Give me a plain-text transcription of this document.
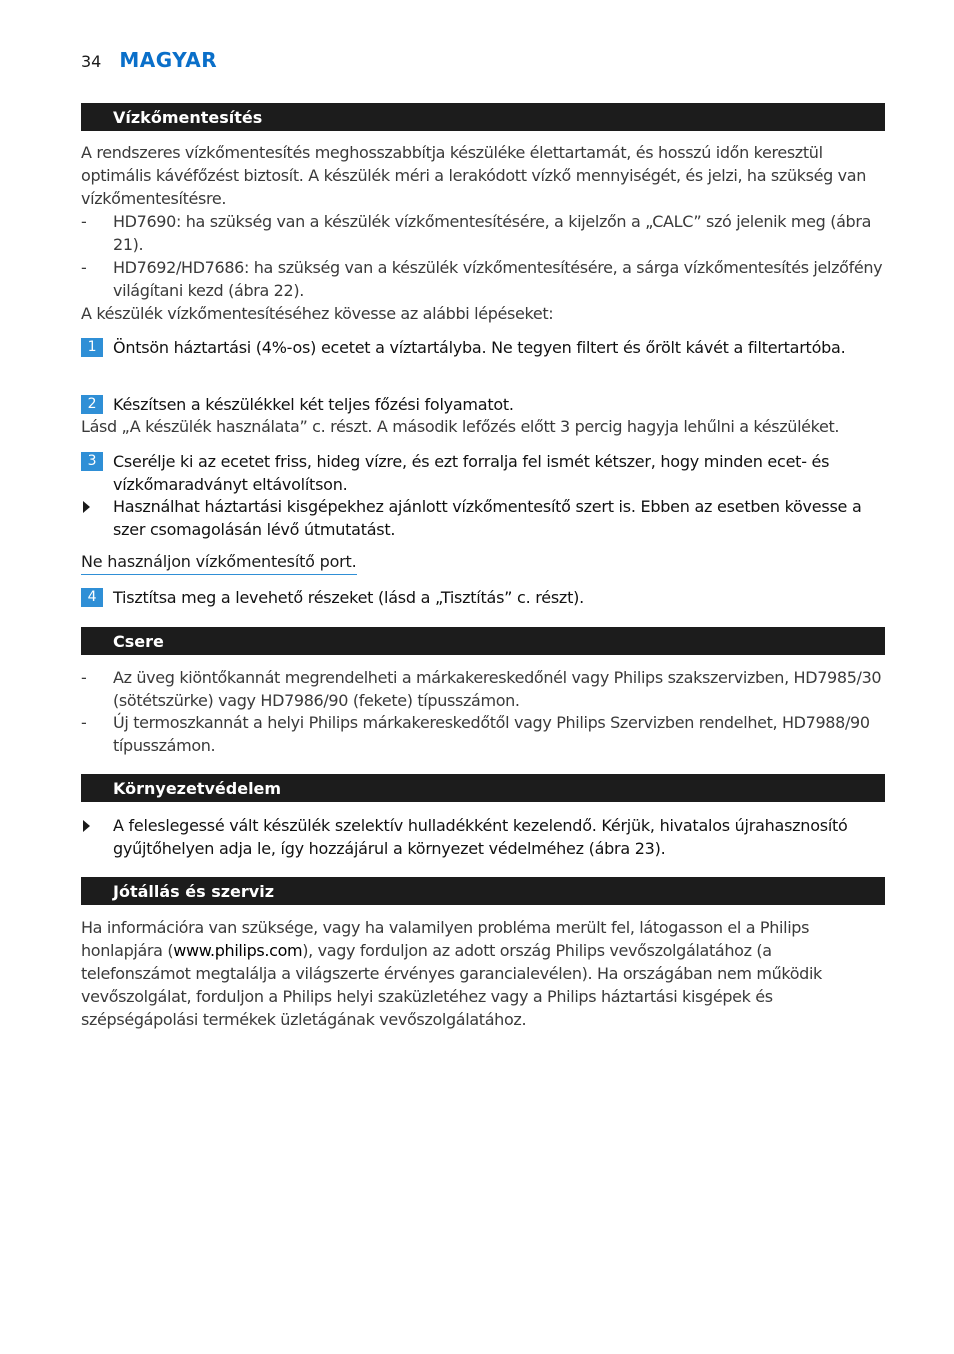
34 MAGYAR
Vízkőmentesítés
A rendszeres vízkőmentesítés meghosszabbítja készüléke élettartamát, és hosszú időn keresztül optimális kávéfőzést biztosít. A készülék méri a lerakódott vízkő mennyiségét, és jelzi, ha szükség van vízkőmentesítésre.
-	HD7690: ha szükség van a készülék vízkőmentesítésére, a kijelzőn a „CALC” szó jelenik meg (ábra 21).
-	HD7692/HD7686: ha szükség van a készülék vízkőmentesítésére, a sárga vízkőmentesítés jelzőfény világítani kezd (ábra 22).
A készülék vízkőmentesítéséhez kövesse az alábbi lépéseket:
1	Öntsön háztartási (4%-os) ecetet a víztartályba. Ne tegyen filtert és őrölt kávét a filtertartóba.
2	Készítsen a készülékkel két teljes főzési folyamatot.
Lásd „A készülék használata” c. részt. A második lefőzés előtt 3 percig hagyja lehűlni a készüléket.
3	Cserélje ki az ecetet friss, hideg vízre, és ezt forralja fel ismét kétszer, hogy minden ecet- és vízkőmaradványt eltávolítson.
Használhat háztartási kisgépekhez ajánlott vízkőmentesítő szert is. Ebben az esetben kövesse a szer csomagolásán lévő útmutatást.
Ne használjon vízkőmentesítő port.
4	Tisztítsa meg a levehető részeket (lásd a „Tisztítás” c. részt).
Csere
-	Az üveg kiöntőkannát megrendelheti a márkakereskedőnél vagy Philips szakszervizben, HD7985/30 (sötétszürke) vagy HD7986/90 (fekete) típusszámon.
-	Új termoszkannát a helyi Philips márkakereskedőtől vagy Philips Szervizben rendelhet, HD7988/90 típusszámon.
Környezetvédelem
A feleslegessé vált készülék szelektív hulladékként kezelendő. Kérjük, hivatalos újrahasznosító gyűjtőhelyen adja le, így hozzájárul a környezet védelméhez (ábra 23).
Jótállás és szerviz
Ha információra van szüksége, vagy ha valamilyen probléma merült fel, látogasson el a Philips honlapjára (www.philips.com), vagy forduljon az adott ország Philips vevőszolgálatához (a telefonszámot megtalálja a világszerte érvényes garancialevélen). Ha országában nem működik vevőszolgálat, forduljon a Philips helyi szaküzletéhez vagy a Philips háztartási kisgépek és szépségápolási termékek üzletágának vevőszolgálatához.
